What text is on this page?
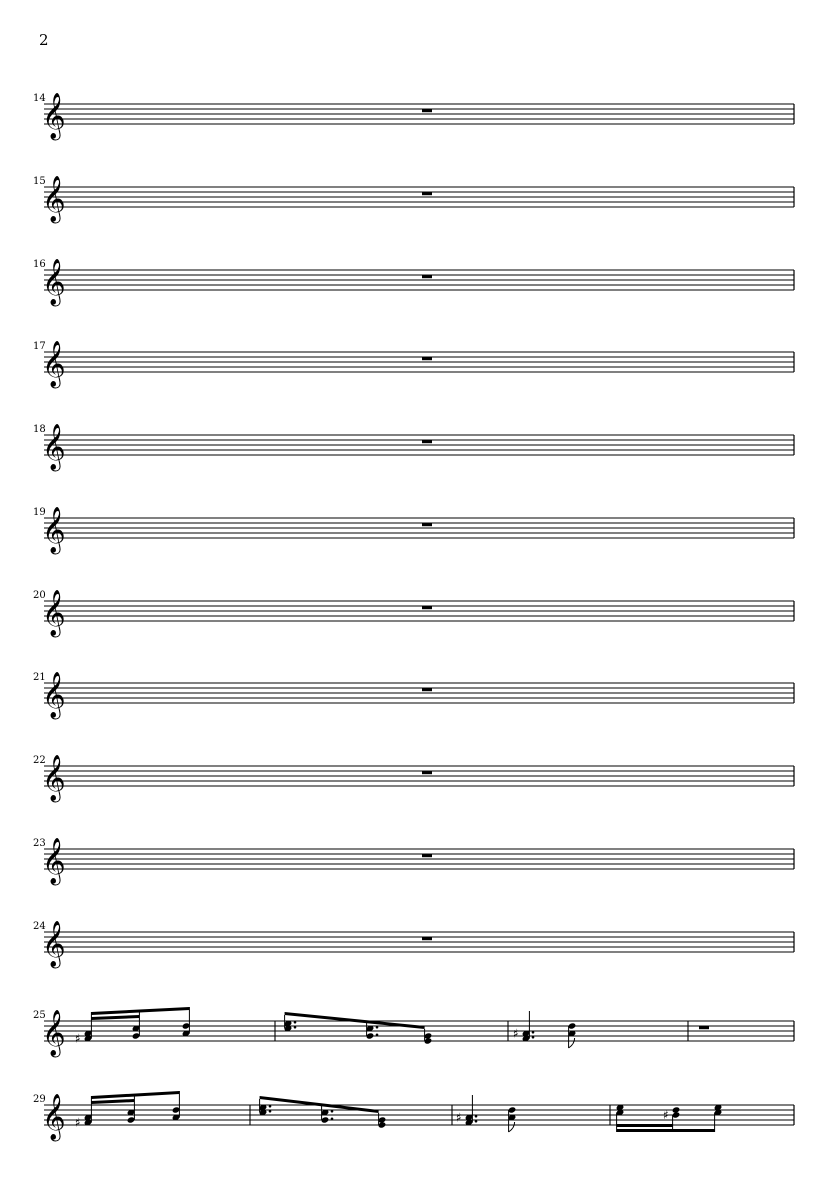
2
𝄞
14
𝄞
15
𝄞
16
𝄞
17
𝄞
18
𝄞
19
𝄞
20
𝄞
21
𝄞
22
𝄞
23
𝄞
24
𝄞
25
♯	♯
𝄞
29
♯	♯	♯
